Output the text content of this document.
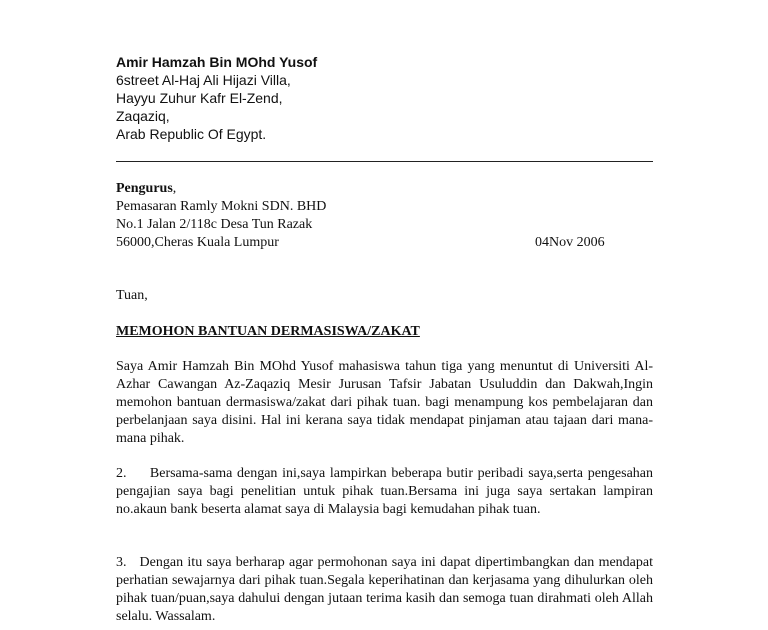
Amir Hamzah Bin MOhd Yusof
6street Al-Haj Ali Hijazi Villa,
Hayyu Zuhur Kafr El-Zend,
Zaqaziq,
Arab Republic Of Egypt.
Pengurus,
Pemasaran Ramly Mokni SDN. BHD
No.1 Jalan 2/118c Desa Tun Razak
56000,Cheras Kuala Lumpur	04Nov 2006
Tuan,
MEMOHON BANTUAN DERMASISWA/ZAKAT

Saya Amir Hamzah Bin MOhd Yusof mahasiswa tahun tiga yang menuntut di Universiti Al-Azhar Cawangan Az-Zaqaziq Mesir Jurusan Tafsir Jabatan Usuluddin dan Dakwah,Ingin memohon bantuan dermasiswa/zakat dari pihak tuan. bagi menampung kos pembelajaran dan perbelanjaan saya disini. Hal ini kerana saya tidak mendapat pinjaman atau tajaan dari mana-mana pihak.

2.     Bersama-sama dengan ini,saya lampirkan beberapa butir peribadi saya,serta pengesahan pengajian saya bagi penelitian untuk pihak tuan.Bersama ini juga saya sertakan lampiran no.akaun bank beserta alamat saya di Malaysia bagi kemudahan pihak tuan.

3.   Dengan itu saya berharap agar permohonan saya ini dapat dipertimbangkan dan mendapat perhatian sewajarnya dari pihak tuan.Segala keperihatinan dan kerjasama yang dihulurkan oleh pihak tuan/puan,saya dahului dengan jutaan terima kasih dan semoga tuan dirahmati oleh Allah selalu. Wassalam.
